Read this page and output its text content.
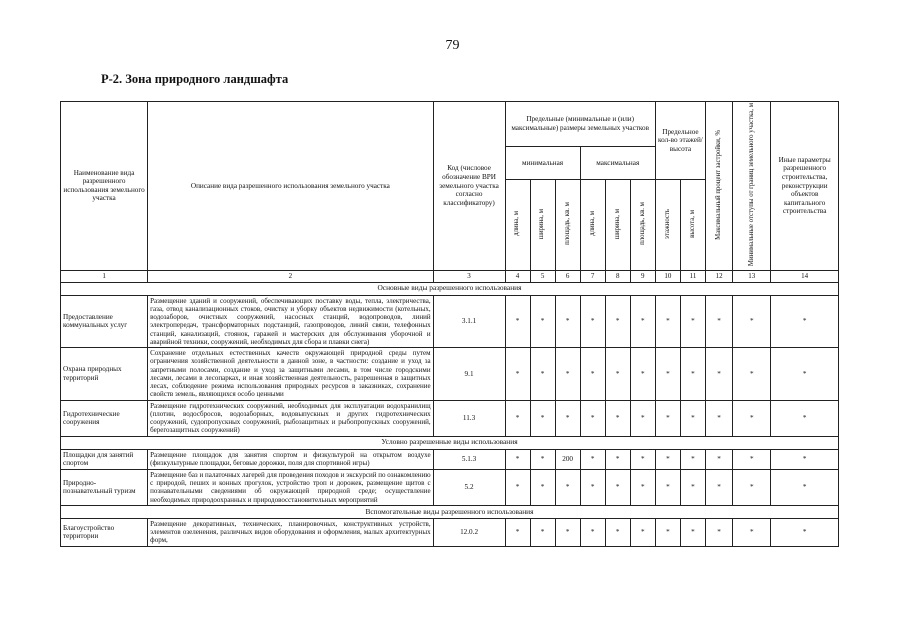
79
Р-2. Зона природного ландшафта
Наименование вида разрешенного использования земельного участка	Описание вида разрешенного использования земельного участка	Код (числовое обозначение ВРИ земельного участка согласно классификатору)	Предельные (минимальные и (или) максимальные) размеры земельных участков						Предельное кол-во этажей/ высота		Максимальный процент застройки, %	Минимальные отступы от границ земельного участка, м	Иные параметры разрешенного строительства, реконструкции объектов капитального строительства
			минимальная			максимальная							
			длина, м	ширина, м	площадь, кв. м	длина, м	ширина, м	площадь, кв. м	этажность	высота, м			
1	2	3	4	5	6	7	8	9	10	11	12	13	14
Основные виды разрешенного использования													
Предоставление коммунальных услуг	Размещение зданий и сооружений, обеспечивающих поставку воды, тепла, электричества, газа, отвод канализационных стоков, очистку и уборку объектов недвижимости (котельных, водозаборов, очистных сооружений, насосных станций, водопроводов, линий электропередач, трансформаторных подстанций, газопроводов, линий связи, телефонных станций, канализаций, стоянок, гаражей и мастерских для обслуживания уборочной и аварийной техники, сооружений, необходимых для сбора и плавки снега)	3.1.1	*	*	*	*	*	*	*	*	*	*	*
Охрана природных территорий	Сохранение отдельных естественных качеств окружающей природной среды путем ограничения хозяйственной деятельности в данной зоне, в частности: создание и уход за запретными полосами, создание и уход за защитными лесами, в том числе городскими лесами, лесами в лесопарках, и иная хозяйственная деятельность, разрешенная в защитных лесах, соблюдение режима использования природных ресурсов в заказниках, сохранение свойств земель, являющихся особо ценными	9.1	*	*	*	*	*	*	*	*	*	*	*
Гидротехнические сооружения	Размещение гидротехнических сооружений, необходимых для эксплуатации водохранилищ (плотин, водосбросов, водозаборных, водовыпускных и других гидротехнических сооружений, судопропускных сооружений, рыбозащитных и рыбопропускных сооружений, берегозащитных сооружений)	11.3	*	*	*	*	*	*	*	*	*	*	*
Условно разрешенные виды использования													
Площадки для занятий спортом	Размещение площадок для занятия спортом и физкультурой на открытом воздухе (физкультурные площадки, беговые дорожки, поля для спортивной игры)	5.1.3	*	*	200	*	*	*	*	*	*	*	*
Природно-познавательный туризм	Размещение баз и палаточных лагерей для проведения походов и экскурсий по ознакомлению с природой, пеших и конных прогулок, устройство троп и дорожек, размещение щитов с познавательными сведениями об окружающей природной среде; осуществление необходимых природоохранных и природовосстановительных мероприятий	5.2	*	*	*	*	*	*	*	*	*	*	*
Вспомогательные виды разрешенного использования													
Благоустройство территории	Размещение декоративных, технических, планировочных, конструктивных устройств, элементов озеленения, различных видов оборудования и оформления, малых архитектурных форм,	12.0.2	*	*	*	*	*	*	*	*	*	*	*
